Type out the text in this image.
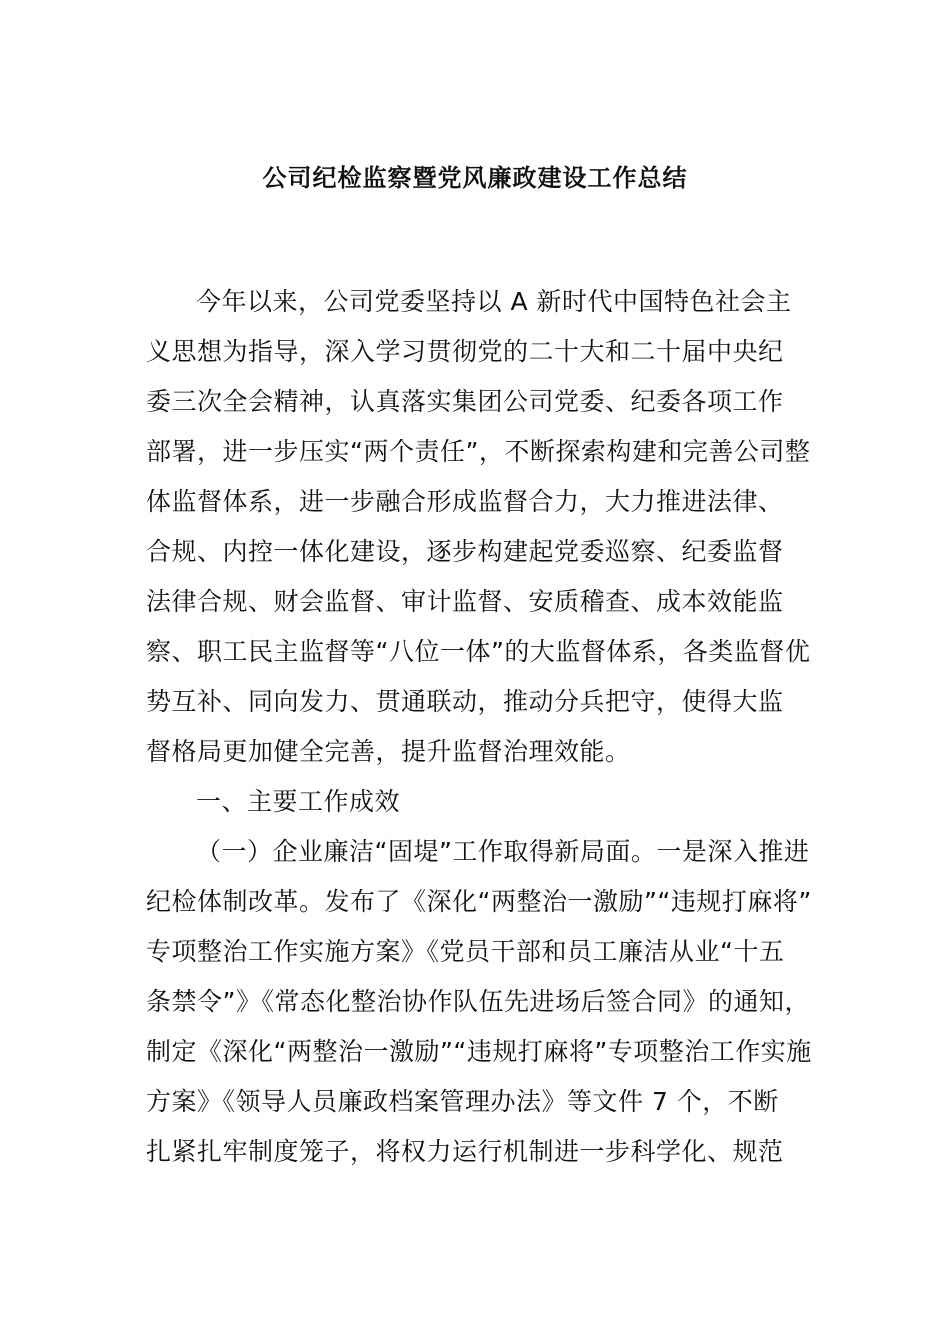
公司纪检监察暨党风廉政建设工作总结
今年以来，公司党委坚持以 A 新时代中国特色社会主
义思想为指导，深入学习贯彻党的二十大和二十届中央纪
委三次全会精神，认真落实集团公司党委、纪委各项工作
部署，进一步压实“两个责任”，不断探索构建和完善公司整
体监督体系，进一步融合形成监督合力，大力推进法律、
合规、内控一体化建设，逐步构建起党委巡察、纪委监督
法律合规、财会监督、审计监督、安质稽查、成本效能监
察、职工民主监督等“八位一体”的大监督体系，各类监督优
势互补、同向发力、贯通联动，推动分兵把守，使得大监
督格局更加健全完善，提升监督治理效能。
一、主要工作成效
（一）企业廉洁“固堤”工作取得新局面。一是深入推进
纪检体制改革。发布了《深化“两整治一激励”“违规打麻将”
专项整治工作实施方案》《党员干部和员工廉洁从业“十五
条禁令”》《常态化整治协作队伍先进场后签合同》的通知，
制定《深化“两整治一激励”“违规打麻将”专项整治工作实施
方案》《领导人员廉政档案管理办法》等文件 7 个，不断
扎紧扎牢制度笼子，将权力运行机制进一步科学化、规范
